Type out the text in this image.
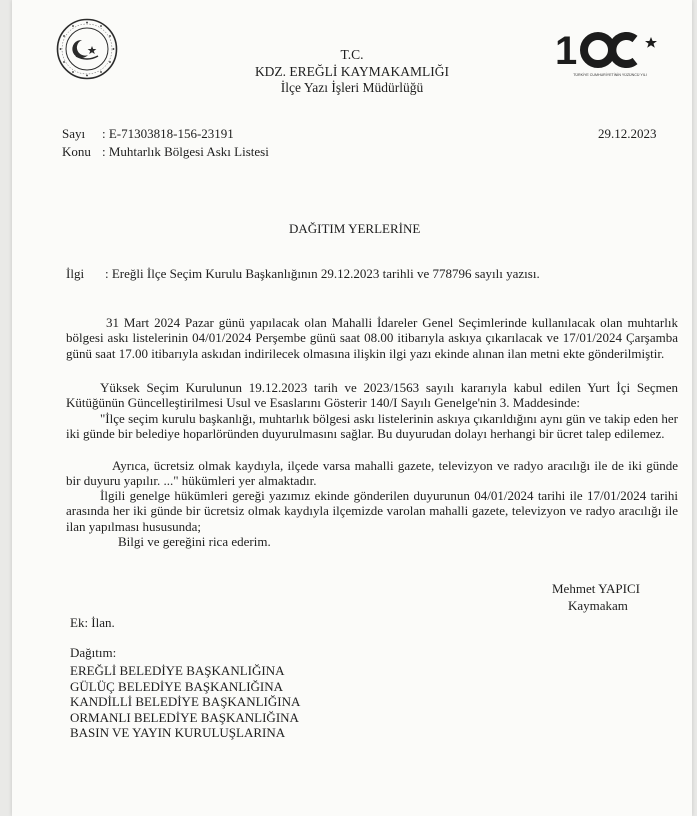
T.C.
KDZ. EREĞLİ KAYMAKAMLIĞI
İlçe Yazı İşleri Müdürlüğü
1
TÜRKİYE CUMHURİYETİNİN YÜZÜNCÜ YILI
Sayı : E-71303818-156-23191
Konu : Muhtarlık Bölgesi Askı Listesi
29.12.2023
DAĞITIM YERLERİNE
İlgi : Ereğli İlçe Seçim Kurulu Başkanlığının 29.12.2023 tarihli ve 778796 sayılı yazısı.
31 Mart 2024 Pazar günü yapılacak olan Mahalli İdareler Genel Seçimlerinde kullanılacak olan muhtarlık bölgesi askı listelerinin 04/01/2024 Perşembe günü saat 08.00 itibarıyla askıya çıkarılacak ve 17/01/2024 Çarşamba günü saat 17.00 itibarıyla askıdan indirilecek olmasına ilişkin ilgi yazı ekinde alınan ilan metni ekte gönderilmiştir.
Yüksek Seçim Kurulunun 19.12.2023 tarih ve 2023/1563 sayılı kararıyla kabul edilen Yurt İçi Seçmen Kütüğünün Güncelleştirilmesi Usul ve Esaslarını Gösterir 140/I Sayılı Genelge'nin 3. Maddesinde:
"İlçe seçim kurulu başkanlığı, muhtarlık bölgesi askı listelerinin askıya çıkarıldığını aynı gün ve takip eden her iki günde bir belediye hoparlöründen duyurulmasını sağlar. Bu duyurudan dolayı herhangi bir ücret talep edilemez.
Ayrıca, ücretsiz olmak kaydıyla, ilçede varsa mahalli gazete, televizyon ve radyo aracılığı ile de iki günde bir duyuru yapılır. ..." hükümleri yer almaktadır.
İlgili genelge hükümleri gereği yazımız ekinde gönderilen duyurunun 04/01/2024 tarihi ile 17/01/2024 tarihi arasında her iki günde bir ücretsiz olmak kaydıyla ilçemizde varolan mahalli gazete, televizyon ve radyo aracılığı ile ilan yapılması hususunda;
Bilgi ve gereğini rica ederim.
Mehmet YAPICI
Kaymakam
Ek: İlan.
Dağıtım:
EREĞLİ BELEDİYE BAŞKANLIĞINA
GÜLÜÇ BELEDİYE BAŞKANLIĞINA
KANDİLLİ BELEDİYE BAŞKANLIĞINA
ORMANLI BELEDİYE BAŞKANLIĞINA
BASIN VE YAYIN KURULUŞLARINA
